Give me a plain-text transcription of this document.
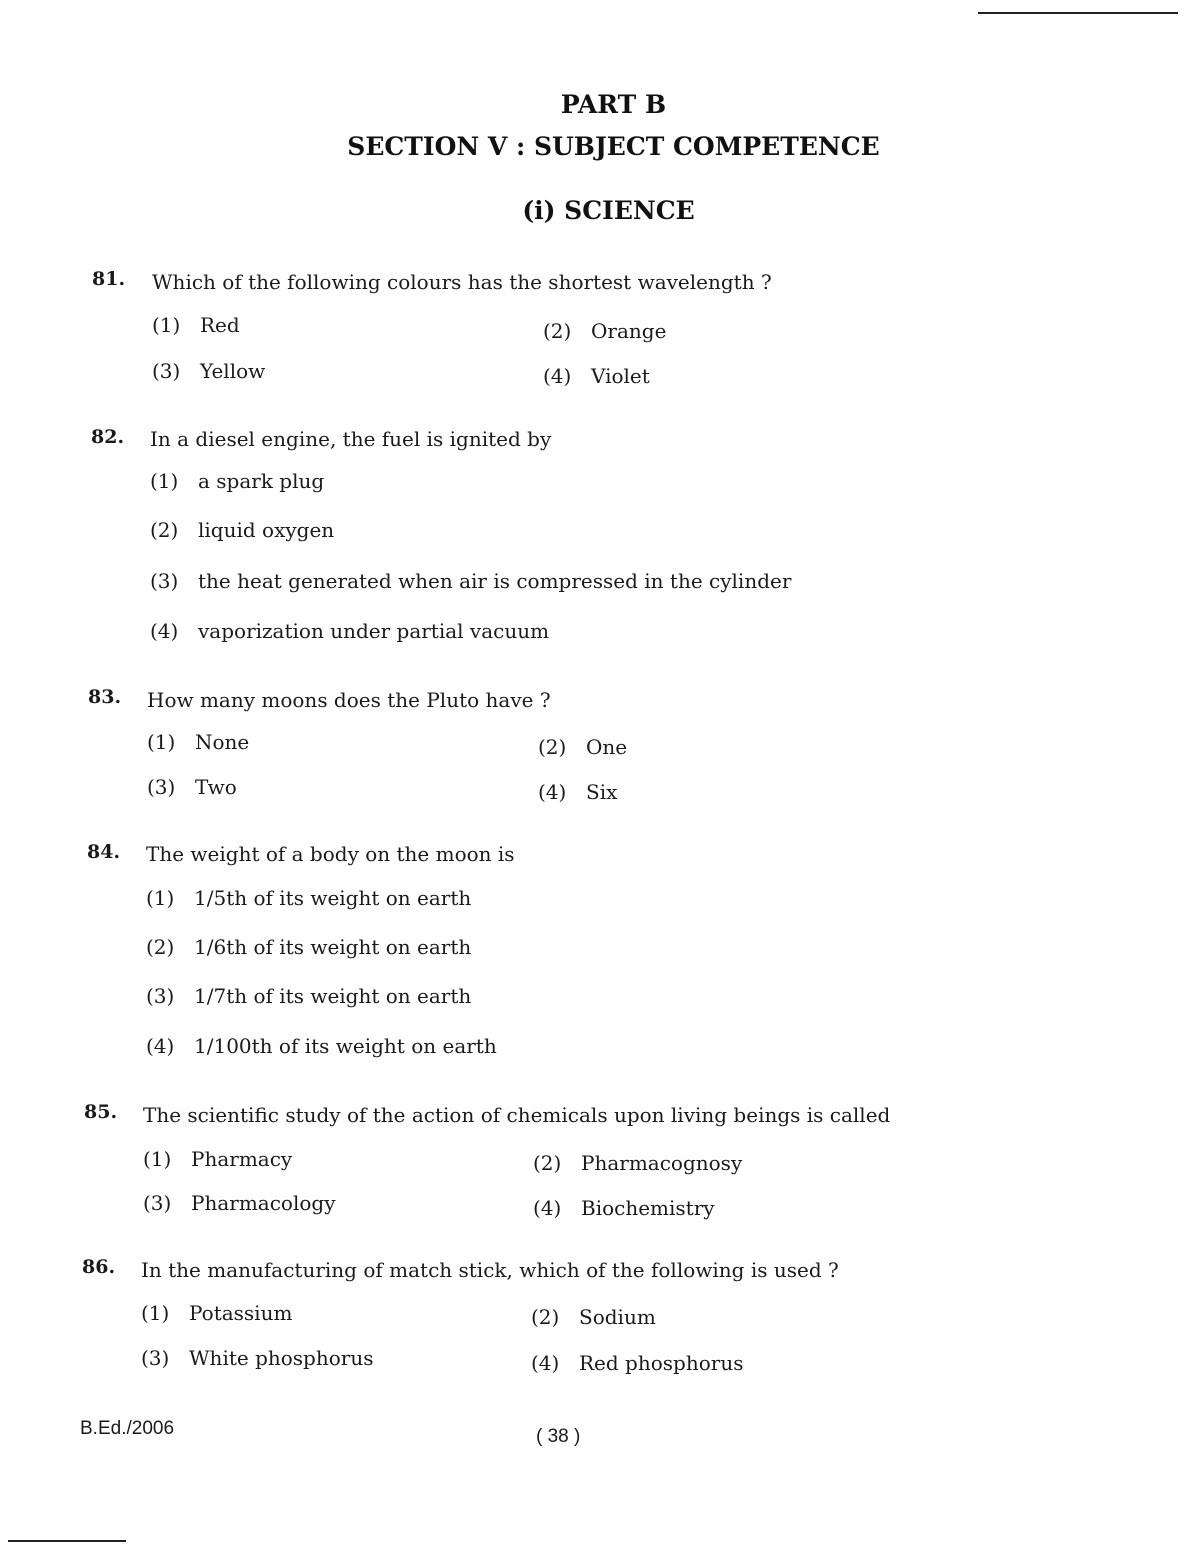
PART B
SECTION V : SUBJECT COMPETENCE
(i) SCIENCE
81. Which of the following colours has the shortest wavelength ?
(1) Red	(2) Orange
(3) Yellow	(4) Violet
82. In a diesel engine, the fuel is ignited by
(1) a spark plug
(2) liquid oxygen
(3) the heat generated when air is compressed in the cylinder
(4) vaporization under partial vacuum
83. How many moons does the Pluto have ?
(1) None	(2) One
(3) Two	(4) Six
84. The weight of a body on the moon is
(1) 1/5th of its weight on earth
(2) 1/6th of its weight on earth
(3) 1/7th of its weight on earth
(4) 1/100th of its weight on earth
85. The scientific study of the action of chemicals upon living beings is called
(1) Pharmacy	(2) Pharmacognosy
(3) Pharmacology	(4) Biochemistry
86. In the manufacturing of match stick, which of the following is used ?
(1) Potassium	(2) Sodium
(3) White phosphorus	(4) Red phosphorus
B.Ed./2006	( 38 )
